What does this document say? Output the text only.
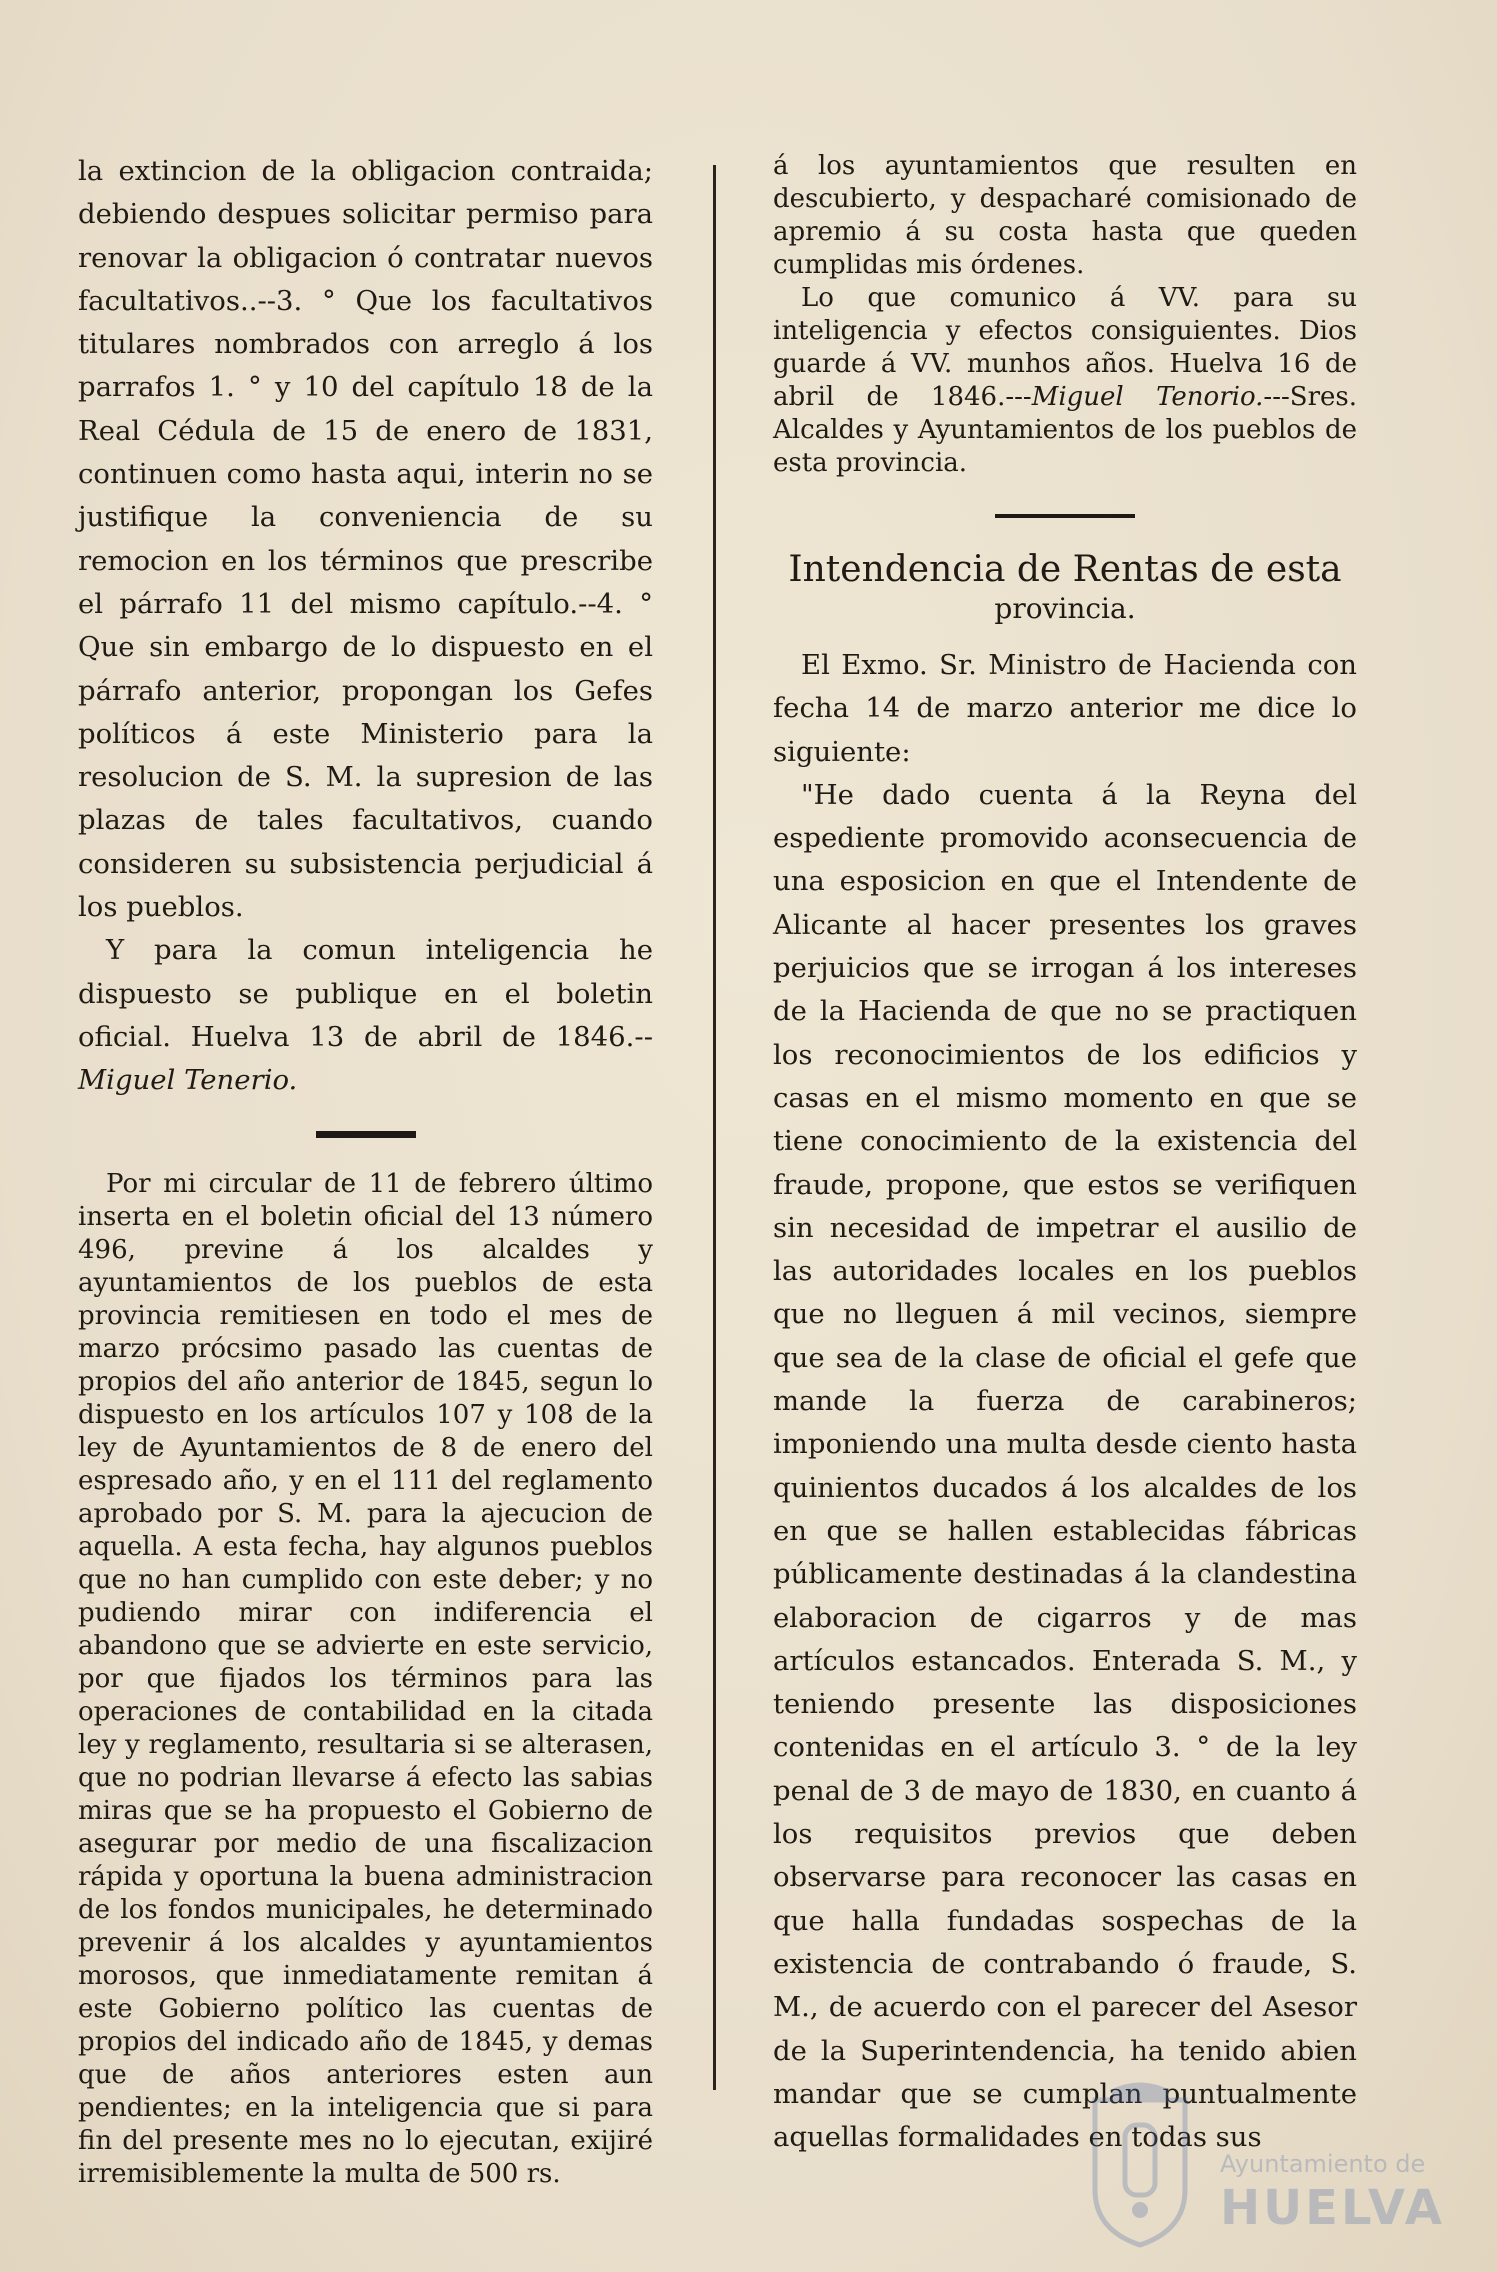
la extincion de la obligacion contraida; debiendo despues solicitar permiso para renovar la obligacion ó contratar nuevos facultativos..--3. ° Que los facultativos titulares nombrados con arreglo á los parrafos 1. ° y 10 del capítulo 18 de la Real Cédula de 15 de enero de 1831, continuen como hasta aqui, interin no se justifique la conveniencia de su remocion en los términos que prescribe el párrafo 11 del mismo capítulo.--4. ° Que sin embargo de lo dispuesto en el párrafo anterior, propongan los Gefes políticos á este Ministerio para la resolucion de S. M. la supresion de las plazas de tales facultativos, cuando consideren su subsistencia perjudicial á los pueblos.

Y para la comun inteligencia he dispuesto se publique en el boletin oficial. Huelva 13 de abril de 1846.--Miguel Tenerio.

Por mi circular de 11 de febrero último inserta en el boletin oficial del 13 número 496, previne á los alcaldes y ayuntamientos de los pueblos de esta provincia remitiesen en todo el mes de marzo prócsimo pasado las cuentas de propios del año anterior de 1845, segun lo dispuesto en los artículos 107 y 108 de la ley de Ayuntamientos de 8 de enero del espresado año, y en el 111 del reglamento aprobado por S. M. para la ajecucion de aquella. A esta fecha, hay algunos pueblos que no han cumplido con este deber; y no pudiendo mirar con indiferencia el abandono que se advierte en este servicio, por que fijados los términos para las operaciones de contabilidad en la citada ley y reglamento, resultaria si se alterasen, que no podrian llevarse á efecto las sabias miras que se ha propuesto el Gobierno de asegurar por medio de una fiscalizacion rápida y oportuna la buena administracion de los fondos municipales, he determinado prevenir á los alcaldes y ayuntamientos morosos, que inmediatamente remitan á este Gobierno político las cuentas de propios del indicado año de 1845, y demas que de años anteriores esten aun pendientes; en la inteligencia que si para fin del presente mes no lo ejecutan, exijiré irremisiblemente la multa de 500 rs.

á los ayuntamientos que resulten en descubierto, y despacharé comisionado de apremio á su costa hasta que queden cumplidas mis órdenes.

Lo que comunico á VV. para su inteligencia y efectos consiguientes. Dios guarde á VV. munhos años. Huelva 16 de abril de 1846.---Miguel Tenorio.---Sres. Alcaldes y Ayuntamientos de los pueblos de esta provincia.

Intendencia de Rentas de esta
provincia.

El Exmo. Sr. Ministro de Hacienda con fecha 14 de marzo anterior me dice lo siguiente:

"He dado cuenta á la Reyna del espediente promovido aconsecuencia de una esposicion en que el Intendente de Alicante al hacer presentes los graves perjuicios que se irrogan á los intereses de la Hacienda de que no se practiquen los reconocimientos de los edificios y casas en el mismo momento en que se tiene conocimiento de la existencia del fraude, propone, que estos se verifiquen sin necesidad de impetrar el ausilio de las autoridades locales en los pueblos que no lleguen á mil vecinos, siempre que sea de la clase de oficial el gefe que mande la fuerza de carabineros; imponiendo una multa desde ciento hasta quinientos ducados á los alcaldes de los en que se hallen establecidas fábricas públicamente destinadas á la clandestina elaboracion de cigarros y de mas artículos estancados. Enterada S. M., y teniendo presente las disposiciones contenidas en el artículo 3. ° de la ley penal de 3 de mayo de 1830, en cuanto á los requisitos previos que deben observarse para reconocer las casas en que halla fundadas sospechas de la existencia de contrabando ó fraude, S. M., de acuerdo con el parecer del Asesor de la Superintendencia, ha tenido abien mandar que se cumplan puntualmente aquellas formalidades en todas sus

Ayuntamiento de
HUELVA
